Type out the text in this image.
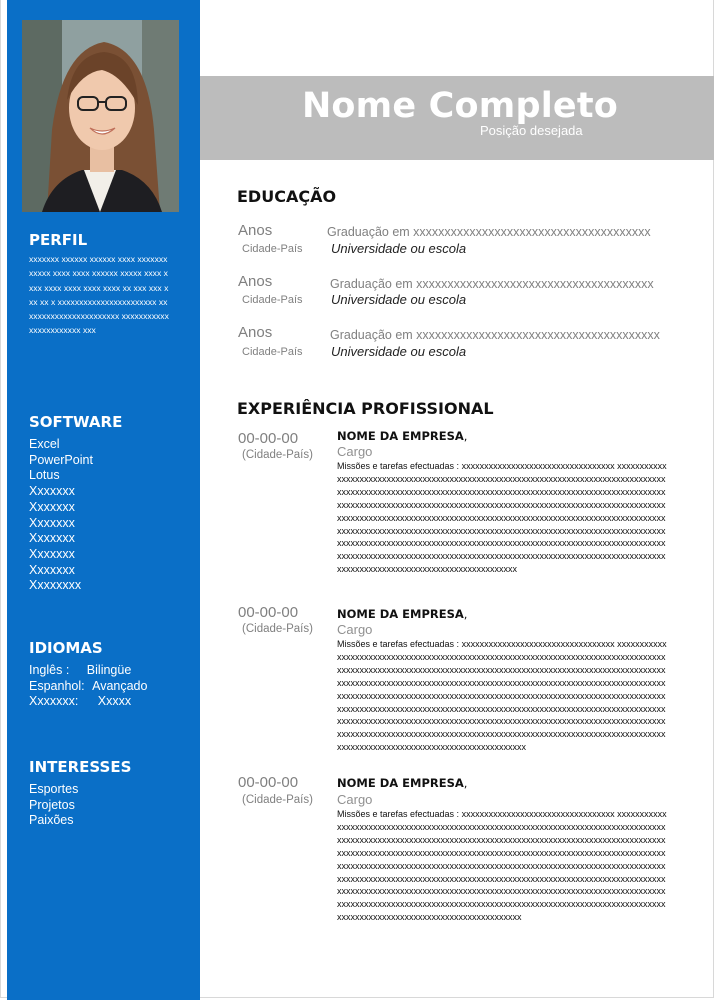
Nome Completo
Posição desejada
PERFIL
xxxxxxx xxxxxx xxxxxx xxxx xxxxxxx xxxxx xxxx xxxx xxxxxx xxxxx xxxx xxxx xxxx xxxx xxxx xxxx xx xxx xxx xxx xx x xxxxxxxxxxxxxxxxxxxxxxx xxxxxxxxxxxxxxxxxxxxxxx xxxxxxxxxxxxxxxxxxxxxxx xxx
SOFTWARE
Excel
PowerPoint
Lotus
Xxxxxxx
Xxxxxxx
Xxxxxxx
Xxxxxxx
Xxxxxxx
Xxxxxxx
Xxxxxxxx
IDIOMAS
Inglês : Bilingüe
Espanhol: Avançado
Xxxxxxx: Xxxxx
INTERESSES
Esportes
Projetos
Paixões
EDUCAÇÃO
Anos
Cidade-País
Graduação em xxxxxxxxxxxxxxxxxxxxxxxxxxxxxxxxxxxxxx
Universidade ou escola
Anos
Cidade-País
Graduação em xxxxxxxxxxxxxxxxxxxxxxxxxxxxxxxxxxxxxx
Universidade ou escola
Anos
Cidade-País
Graduação em xxxxxxxxxxxxxxxxxxxxxxxxxxxxxxxxxxxxxxx
Universidade ou escola
EXPERIÊNCIA PROFISSIONAL
00-00-00
(Cidade-País)
NOME DA EMPRESA,
Cargo
Missões e tarefas efectuadas : xxxxxxxxxxxxxxxxxxxxxxxxxxxxxxxxxx xxxxxxxxxxxxxxxxxxxxxxxxxxxxxxxxxxxxxxxxxxxxxxxxxxxxxxxxxxxxxxxxxxxxxxxxxxxxxxxxxxxxxxxxxxxxxxxxxxxxxxxxxxxxxxxxxxxxxxxxxxxxxxxxxxxxxxxxxxxxxxxxxxxxxxxxxxxxxxxxxxxxxxxxxxxxxxxxxxxxxxxxxxxxxxxxxxxxxxxxxxxxxxxxxxxxxxxxxxxxxxxxxxxxxxxxxxxxxxxxxxxxxxxxxxxxxxxxxxxxxxxxxxxxxxxxxxxxxxxxxxxxxxxxxxxxxxxxxxxxxxxxxxxxxxxxxxxxxxxxxxxxxxxxxxxxxxxxxxxxxxxxxxxxxxxxxxxxxxxxxxxxxxxxxxxxxxxxxxxxxxxxxxxxxxxxxxxxxxxxxxxxxxxxxxxxxxxxxxxxxxxxxxxxxxxxxxxxxxxxxxxxxxxxxxxxxxxxxxxxxxxxxxxxxxxxxxxxxxxxxxxxxxxxxxxxxxxxxxxxxxxxxxxxxxxxxxxxxxxxxxxxxxxxxxxxxxxxxxxxxxxxxxxxxxxxxxxxxxxxxx
00-00-00
(Cidade-País)
NOME DA EMPRESA,
Cargo
Missões e tarefas efectuadas : xxxxxxxxxxxxxxxxxxxxxxxxxxxxxxxxxx xxxxxxxxxxxxxxxxxxxxxxxxxxxxxxxxxxxxxxxxxxxxxxxxxxxxxxxxxxxxxxxxxxxxxxxxxxxxxxxxxxxxxxxxxxxxxxxxxxxxxxxxxxxxxxxxxxxxxxxxxxxxxxxxxxxxxxxxxxxxxxxxxxxxxxxxxxxxxxxxxxxxxxxxxxxxxxxxxxxxxxxxxxxxxxxxxxxxxxxxxxxxxxxxxxxxxxxxxxxxxxxxxxxxxxxxxxxxxxxxxxxxxxxxxxxxxxxxxxxxxxxxxxxxxxxxxxxxxxxxxxxxxxxxxxxxxxxxxxxxxxxxxxxxxxxxxxxxxxxxxxxxxxxxxxxxxxxxxxxxxxxxxxxxxxxxxxxxxxxxxxxxxxxxxxxxxxxxxxxxxxxxxxxxxxxxxxxxxxxxxxxxxxxxxxxxxxxxxxxxxxxxxxxxxxxxxxxxxxxxxxxxxxxxxxxxxxxxxxxxxxxxxxxxxxxxxxxxxxxxxxxxxxxxxxxxxxxxxxxxxxxxxxxxxxxxxxxxxxxxxxxxxxxxxxxxxxxxxxxxxxxxxxxxxxxxxxxxxxxxxxxx
00-00-00
(Cidade-País)
NOME DA EMPRESA,
Cargo
Missões e tarefas efectuadas : xxxxxxxxxxxxxxxxxxxxxxxxxxxxxxxxxx xxxxxxxxxxxxxxxxxxxxxxxxxxxxxxxxxxxxxxxxxxxxxxxxxxxxxxxxxxxxxxxxxxxxxxxxxxxxxxxxxxxxxxxxxxxxxxxxxxxxxxxxxxxxxxxxxxxxxxxxxxxxxxxxxxxxxxxxxxxxxxxxxxxxxxxxxxxxxxxxxxxxxxxxxxxxxxxxxxxxxxxxxxxxxxxxxxxxxxxxxxxxxxxxxxxxxxxxxxxxxxxxxxxxxxxxxxxxxxxxxxxxxxxxxxxxxxxxxxxxxxxxxxxxxxxxxxxxxxxxxxxxxxxxxxxxxxxxxxxxxxxxxxxxxxxxxxxxxxxxxxxxxxxxxxxxxxxxxxxxxxxxxxxxxxxxxxxxxxxxxxxxxxxxxxxxxxxxxxxxxxxxxxxxxxxxxxxxxxxxxxxxxxxxxxxxxxxxxxxxxxxxxxxxxxxxxxxxxxxxxxxxxxxxxxxxxxxxxxxxxxxxxxxxxxxxxxxxxxxxxxxxxxxxxxxxxxxxxxxxxxxxxxxxxxxxxxxxxxxxxxxxxxxxxxxxxxxxxxxxxxxxxxxxxxxxxxxxxxxxxxx
